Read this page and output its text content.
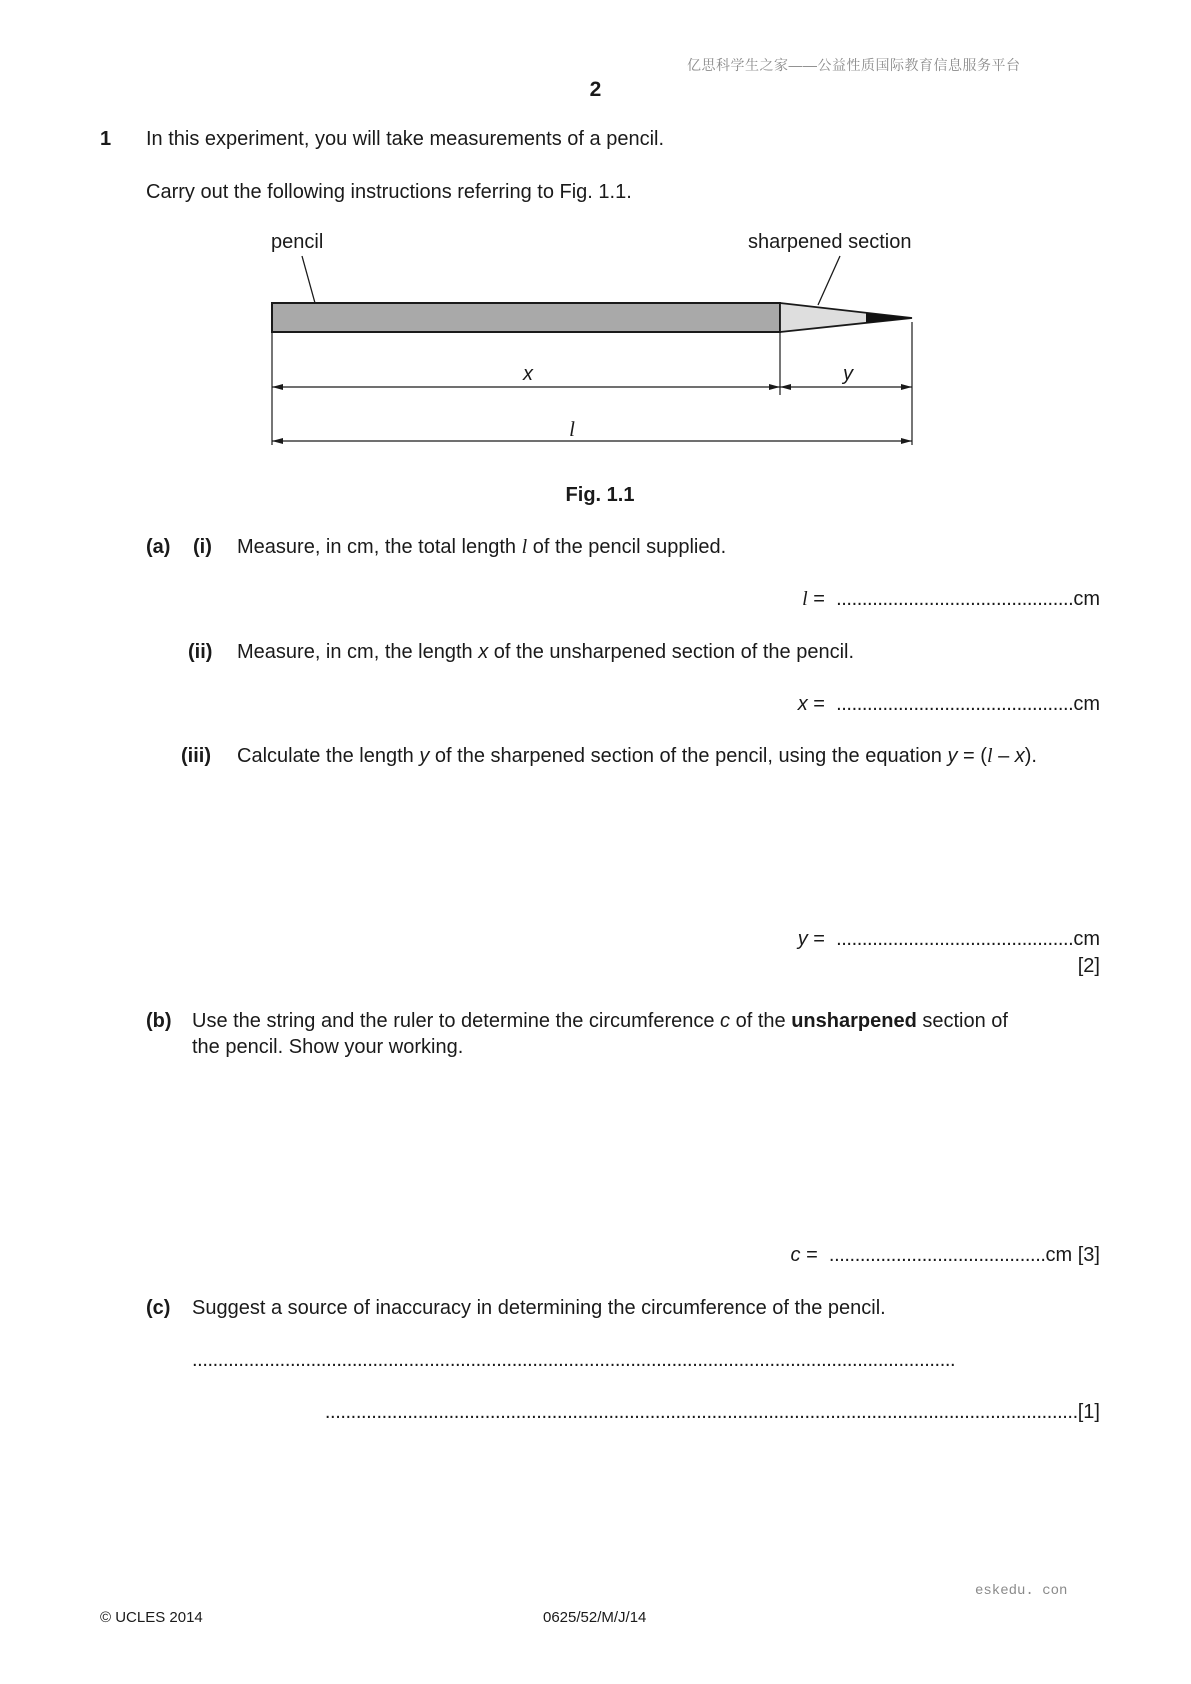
亿思科学生之家——公益性质国际教育信息服务平台
2
1 In this experiment, you will take measurements of a pencil.
Carry out the following instructions referring to Fig. 1.1.
pencil	sharpened section
x	y
l
Fig. 1.1
(a) (i) Measure, in cm, the total length l of the pencil supplied.
l = ..............................................cm
(ii) Measure, in cm, the length x of the unsharpened section of the pencil.
x = ..............................................cm
(iii) Calculate the length y of the sharpened section of the pencil, using the equation y = (l – x).
y = ..............................................cm
[2]
(b) Use the string and the ruler to determine the circumference c of the unsharpened section of
the pencil. Show your working.
c = ..........................................cm [3]
(c) Suggest a source of inaccuracy in determining the circumference of the pencil.
....................................................................................................................................................
..................................................................................................................................................[1]
eskedu. con
© UCLES 2014	0625/52/M/J/14
